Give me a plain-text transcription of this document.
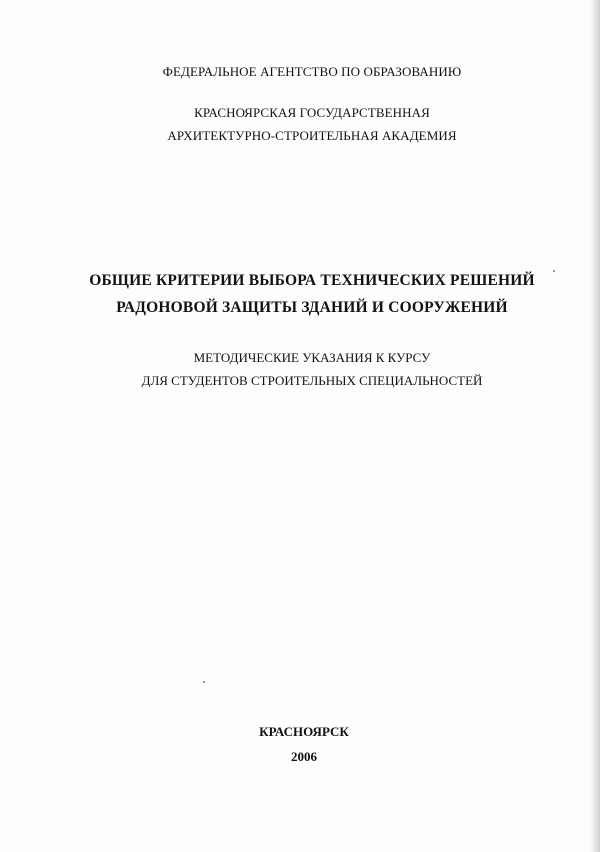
ФЕДЕРАЛЬНОЕ АГЕНТСТВО ПО ОБРАЗОВАНИЮ
КРАСНОЯРСКАЯ ГОСУДАРСТВЕННАЯ
АРХИТЕКТУРНО-СТРОИТЕЛЬНАЯ АКАДЕМИЯ
ОБЩИЕ КРИТЕРИИ ВЫБОРА ТЕХНИЧЕСКИХ РЕШЕНИЙ
РАДОНОВОЙ ЗАЩИТЫ ЗДАНИЙ И СООРУЖЕНИЙ
МЕТОДИЧЕСКИЕ УКАЗАНИЯ К КУРСУ
ДЛЯ СТУДЕНТОВ СТРОИТЕЛЬНЫХ СПЕЦИАЛЬНОСТЕЙ
КРАСНОЯРСК
2006
